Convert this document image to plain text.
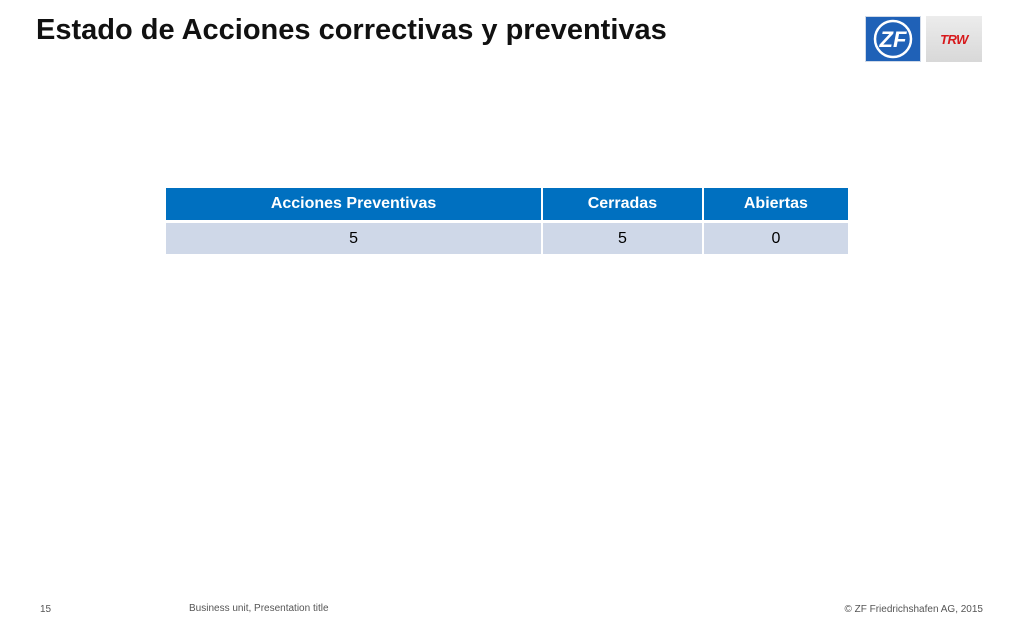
Estado de Acciones correctivas y preventivas	ZF	TRW
Acciones Preventivas	Cerradas	Abiertas
5	5	0
15	Business unit, Presentation title	© ZF Friedrichshafen AG, 2015
